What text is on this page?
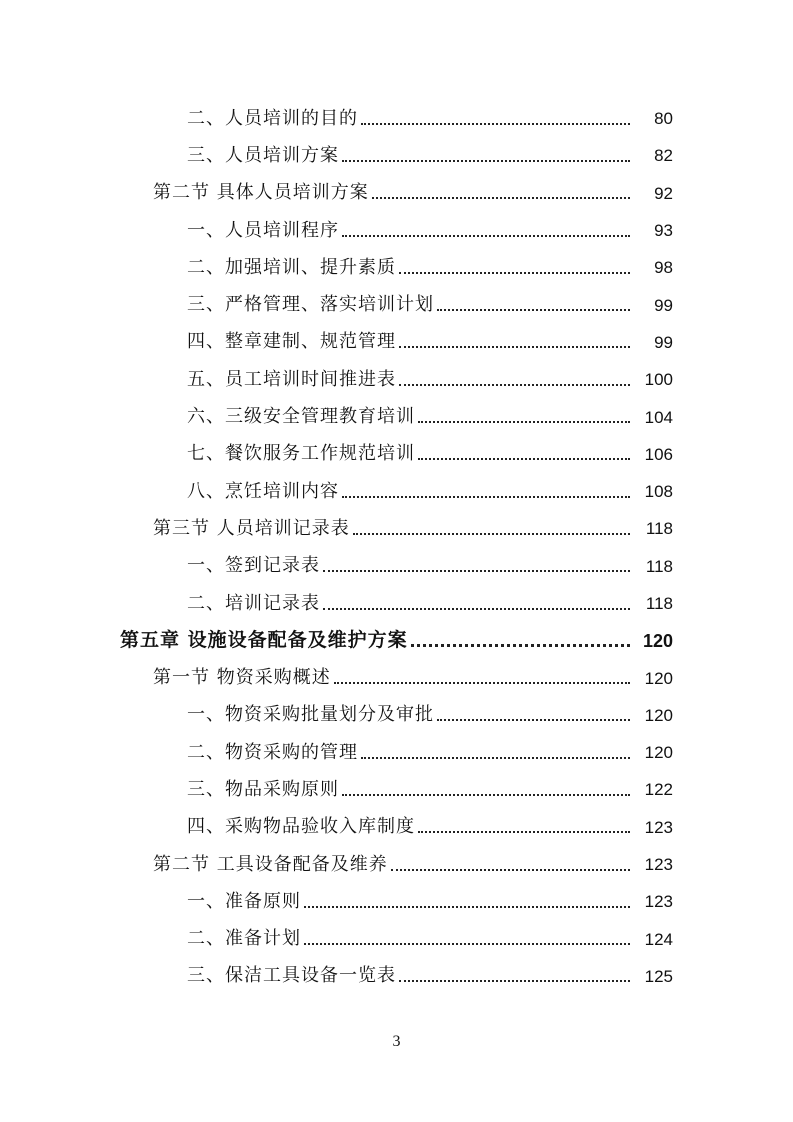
二、人员培训的目的	80
三、人员培训方案	82
第二节 具体人员培训方案	92
一、人员培训程序	93
二、加强培训、提升素质	98
三、严格管理、落实培训计划	99
四、整章建制、规范管理	99
五、员工培训时间推进表	100
六、三级安全管理教育培训	104
七、餐饮服务工作规范培训	106
八、烹饪培训内容	108
第三节 人员培训记录表	118
一、签到记录表	118
二、培训记录表	118
第五章 设施设备配备及维护方案	120
第一节 物资采购概述	120
一、物资采购批量划分及审批	120
二、物资采购的管理	120
三、物品采购原则	122
四、采购物品验收入库制度	123
第二节 工具设备配备及维养	123
一、准备原则	123
二、准备计划	124
三、保洁工具设备一览表	125
3
